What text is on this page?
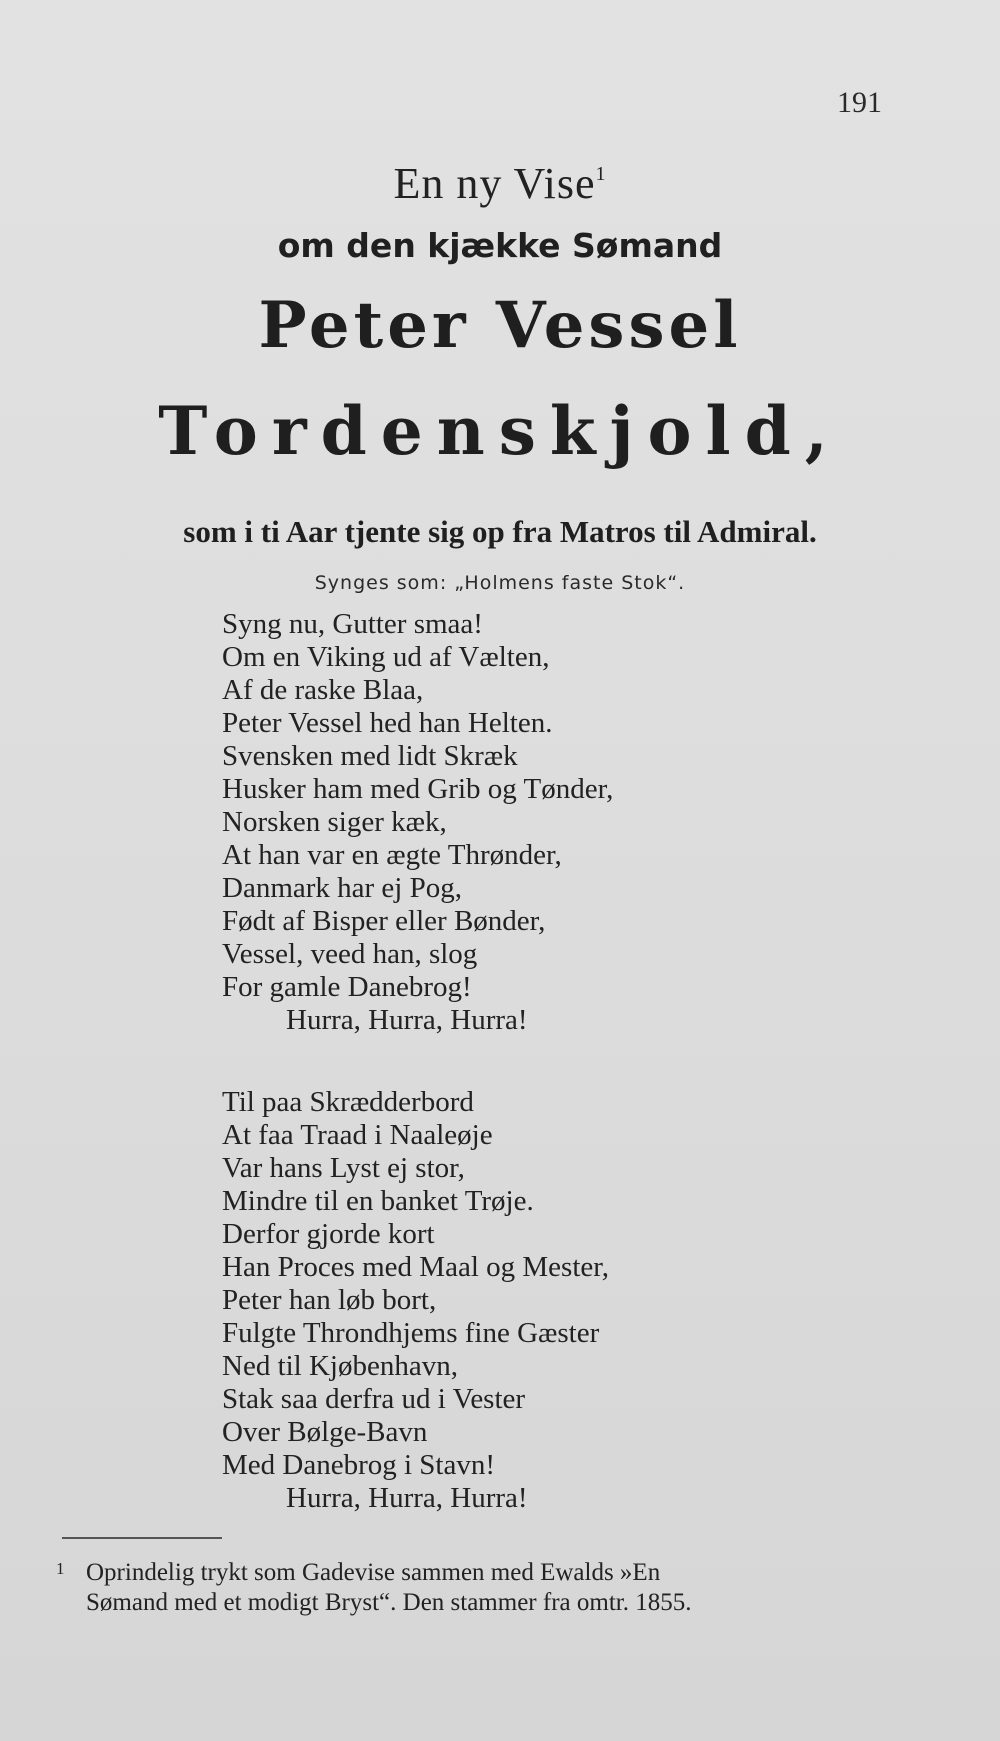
191
En ny Vise$^1$
om den kjække Sømand
Peter Vessel
Tordenskjold,
som i ti Aar tjente sig op fra Matros til Admiral.
Synges som: „Holmens faste Stok“.
Syng nu, Gutter smaa!
Om en Viking ud af Vælten,
Af de raske Blaa,
Peter Vessel hed han Helten.
Svensken med lidt Skræk
Husker ham med Grib og Tønder,
Norsken siger kæk,
At han var en ægte Thrønder,
Danmark har ej Pog,
Født af Bisper eller Bønder,
Vessel, veed han, slog
For gamle Danebrog!
Hurra, Hurra, Hurra!
Til paa Skrædderbord
At faa Traad i Naaleøje
Var hans Lyst ej stor,
Mindre til en banket Trøje.
Derfor gjorde kort
Han Proces med Maal og Mester,
Peter han løb bort,
Fulgte Throndhjems fine Gæster
Ned til Kjøbenhavn,
Stak saa derfra ud i Vester
Over Bølge-Bavn
Med Danebrog i Stavn!
Hurra, Hurra, Hurra!
1 Oprindelig trykt som Gadevise sammen med Ewalds »En
Sømand med et modigt Bryst“. Den stammer fra omtr. 1855.
